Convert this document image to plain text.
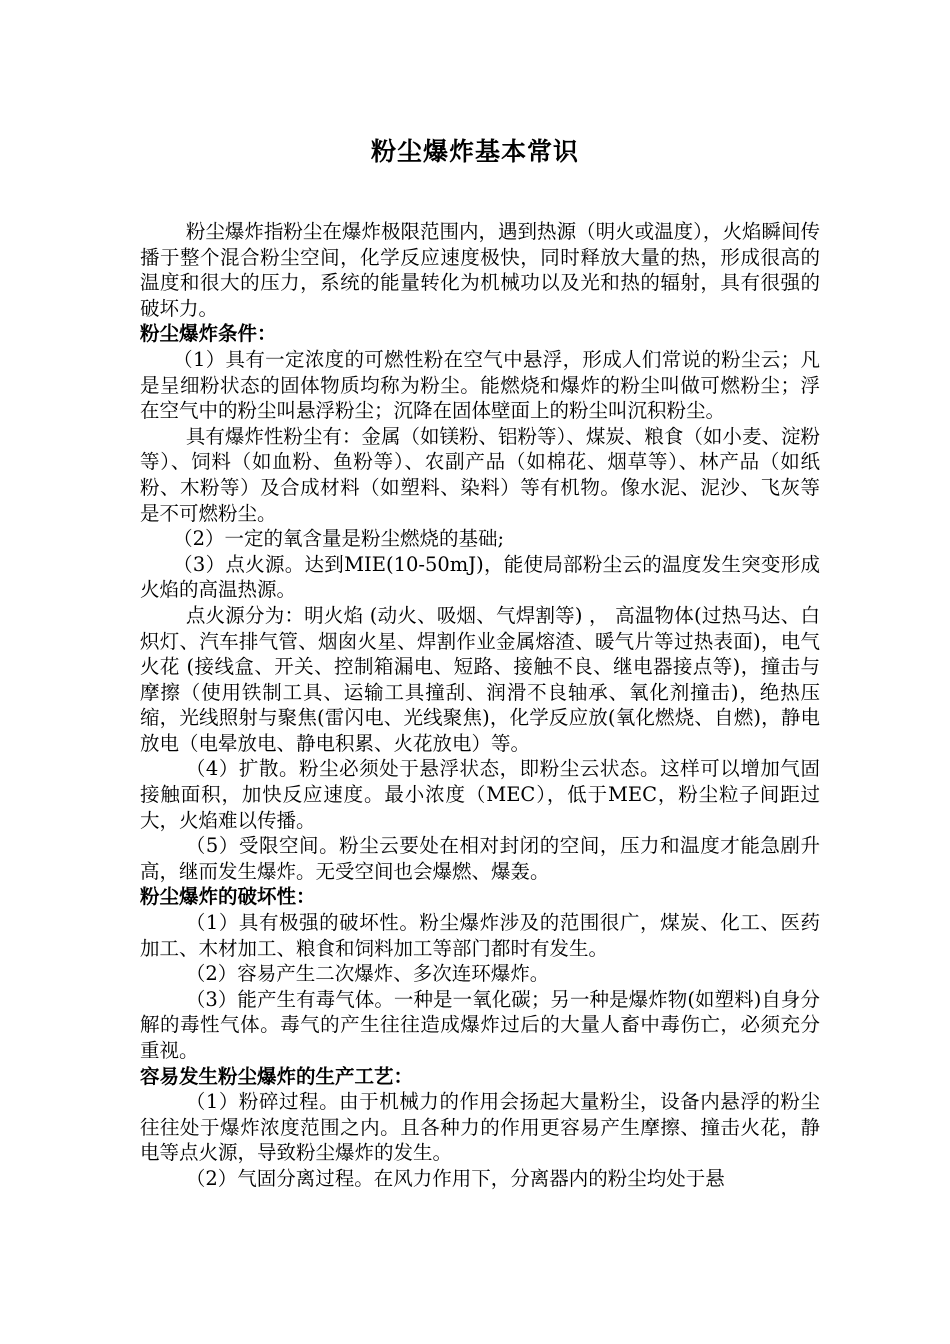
粉尘爆炸基本常识

粉尘爆炸指粉尘在爆炸极限范围内，遇到热源（明火或温度），火焰瞬间传播于整个混合粉尘空间，化学反应速度极快，同时释放大量的热，形成很高的温度和很大的压力，系统的能量转化为机械功以及光和热的辐射，具有很强的破坏力。

粉尘爆炸条件：

（1）具有一定浓度的可燃性粉在空气中悬浮，形成人们常说的粉尘云；凡是呈细粉状态的固体物质均称为粉尘。能燃烧和爆炸的粉尘叫做可燃粉尘；浮在空气中的粉尘叫悬浮粉尘；沉降在固体壁面上的粉尘叫沉积粉尘。

具有爆炸性粉尘有：金属（如镁粉、铝粉等）、煤炭、粮食（如小麦、淀粉等）、饲料（如血粉、鱼粉等）、农副产品（如棉花、烟草等）、林产品（如纸粉、木粉等）及合成材料（如塑料、染料）等有机物。像水泥、泥沙、飞灰等是不可燃粉尘。

（2）一定的氧含量是粉尘燃烧的基础;

（3）点火源。达到MIE(10-50mJ)，能使局部粉尘云的温度发生突变形成火焰的高温热源。

点火源分为：明火焰 (动火、吸烟、气焊割等) ， 高温物体(过热马达、白炽灯、汽车排气管、烟囱火星、焊割作业金属熔渣、暖气片等过热表面)，电气火花 (接线盒、开关、控制箱漏电、短路、接触不良、继电器接点等)，撞击与摩擦（使用铁制工具、运输工具撞刮、润滑不良轴承、氧化剂撞击)，绝热压缩，光线照射与聚焦(雷闪电、光线聚焦)，化学反应放(氧化燃烧、自燃)，静电放电（电晕放电、静电积累、火花放电）等。

（4）扩散。粉尘必须处于悬浮状态，即粉尘云状态。这样可以增加气固接触面积，加快反应速度。最小浓度（MEC），低于MEC，粉尘粒子间距过大，火焰难以传播。

（5）受限空间。粉尘云要处在相对封闭的空间，压力和温度才能急剧升高，继而发生爆炸。无受空间也会爆燃、爆轰。

粉尘爆炸的破坏性：

（1）具有极强的破坏性。粉尘爆炸涉及的范围很广，煤炭、化工、医药加工、木材加工、粮食和饲料加工等部门都时有发生。

（2）容易产生二次爆炸、多次连环爆炸。

（3）能产生有毒气体。一种是一氧化碳；另一种是爆炸物(如塑料)自身分解的毒性气体。毒气的产生往往造成爆炸过后的大量人畜中毒伤亡，必须充分重视。

容易发生粉尘爆炸的生产工艺：

（1）粉碎过程。由于机械力的作用会扬起大量粉尘，设备内悬浮的粉尘往往处于爆炸浓度范围之内。且各种力的作用更容易产生摩擦、撞击火花，静电等点火源，导致粉尘爆炸的发生。

（2）气固分离过程。在风力作用下，分离器内的粉尘均处于悬
